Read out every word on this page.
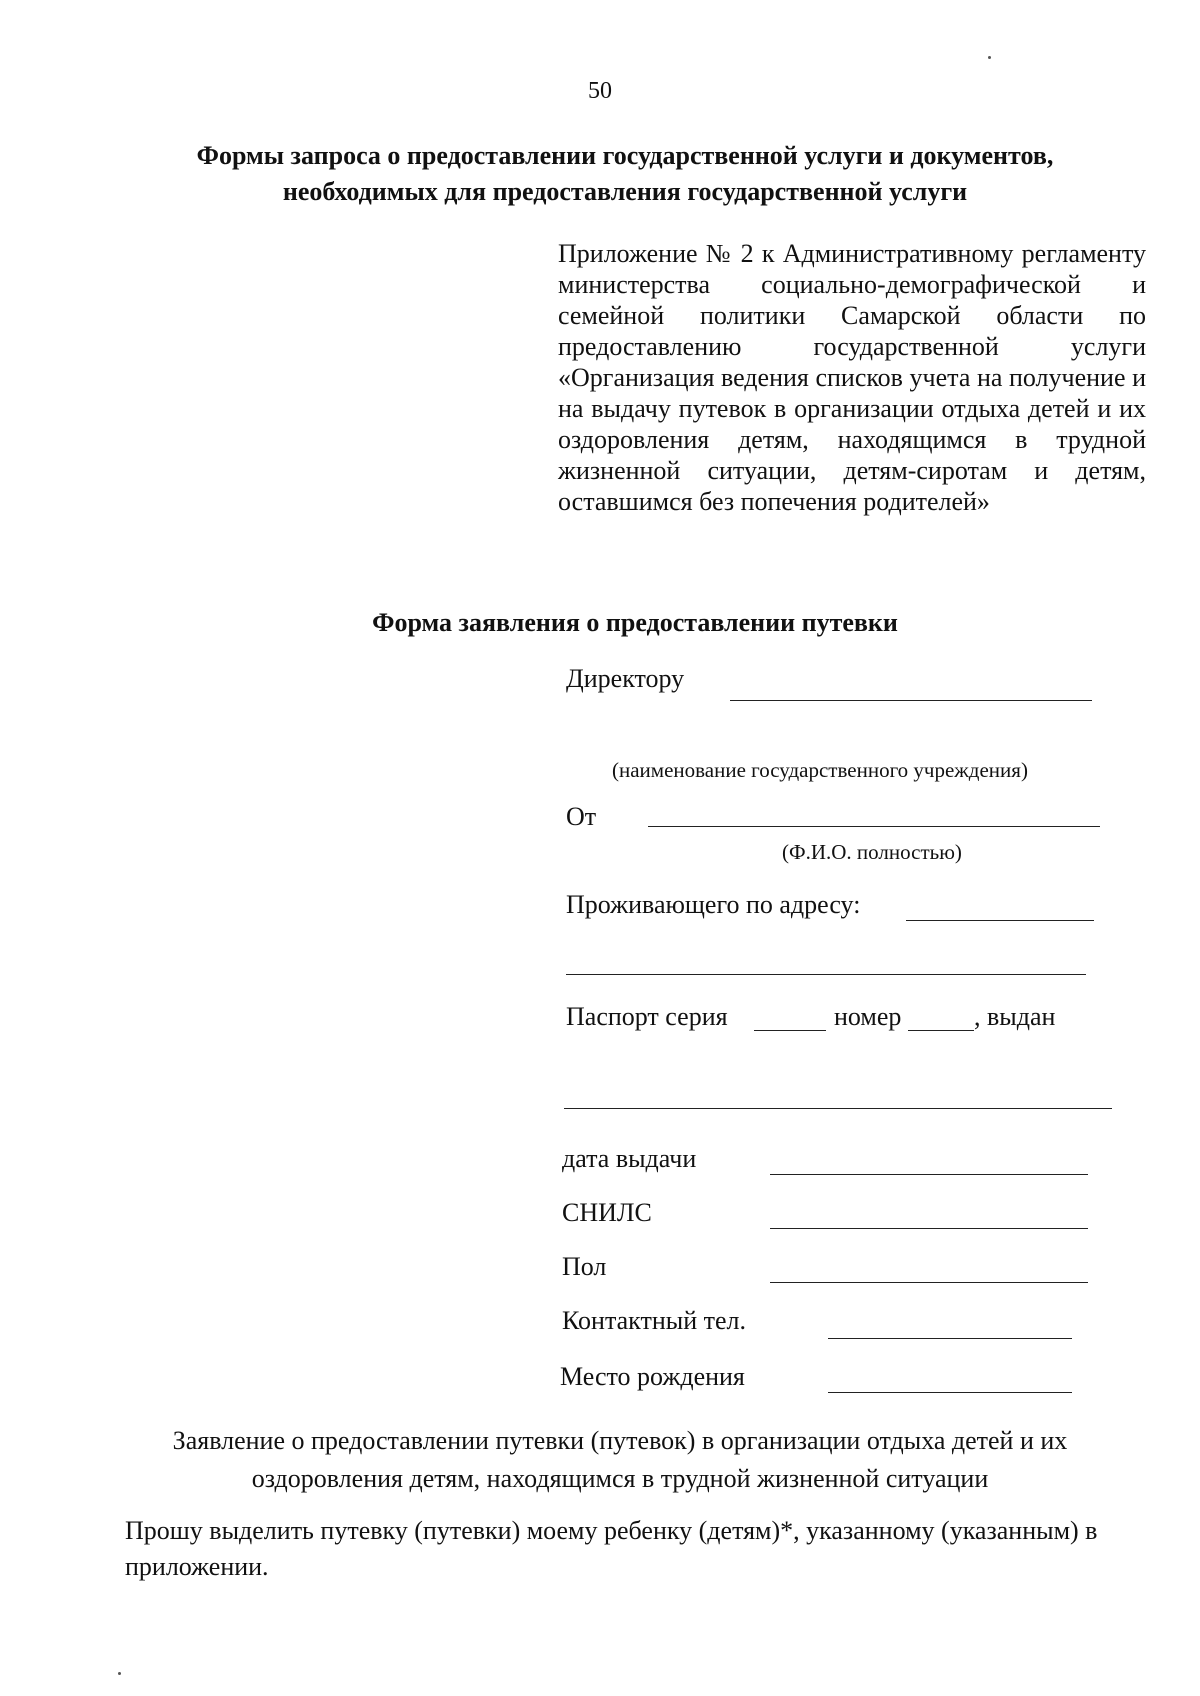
50
Формы запроса о предоставлении государственной услуги и документов,
необходимых для предоставления государственной услуги
Приложение № 2 к Административному регламенту министерства социально-демографической и семейной политики Самарской области по предоставлению государственной услуги «Организация ведения списков учета на получение и на выдачу путевок в организации отдыха детей и их оздоровления детям, находящимся в трудной жизненной ситуации, детям-сиротам и детям, оставшимся без попечения родителей»
Форма заявления о предоставлении путевки
Директору
(наименование государственного учреждения)
От
(Ф.И.О. полностью)
Проживающего по адресу:
Паспорт серия	номер	, выдан
дата выдачи
СНИЛС
Пол
Контактный тел.
Место рождения
Заявление о предоставлении путевки (путевок) в организации отдыха детей и их оздоровления детям, находящимся в трудной жизненной ситуации
Прошу выделить путевку (путевки) моему ребенку (детям)*, указанному (указанным) в приложении.
